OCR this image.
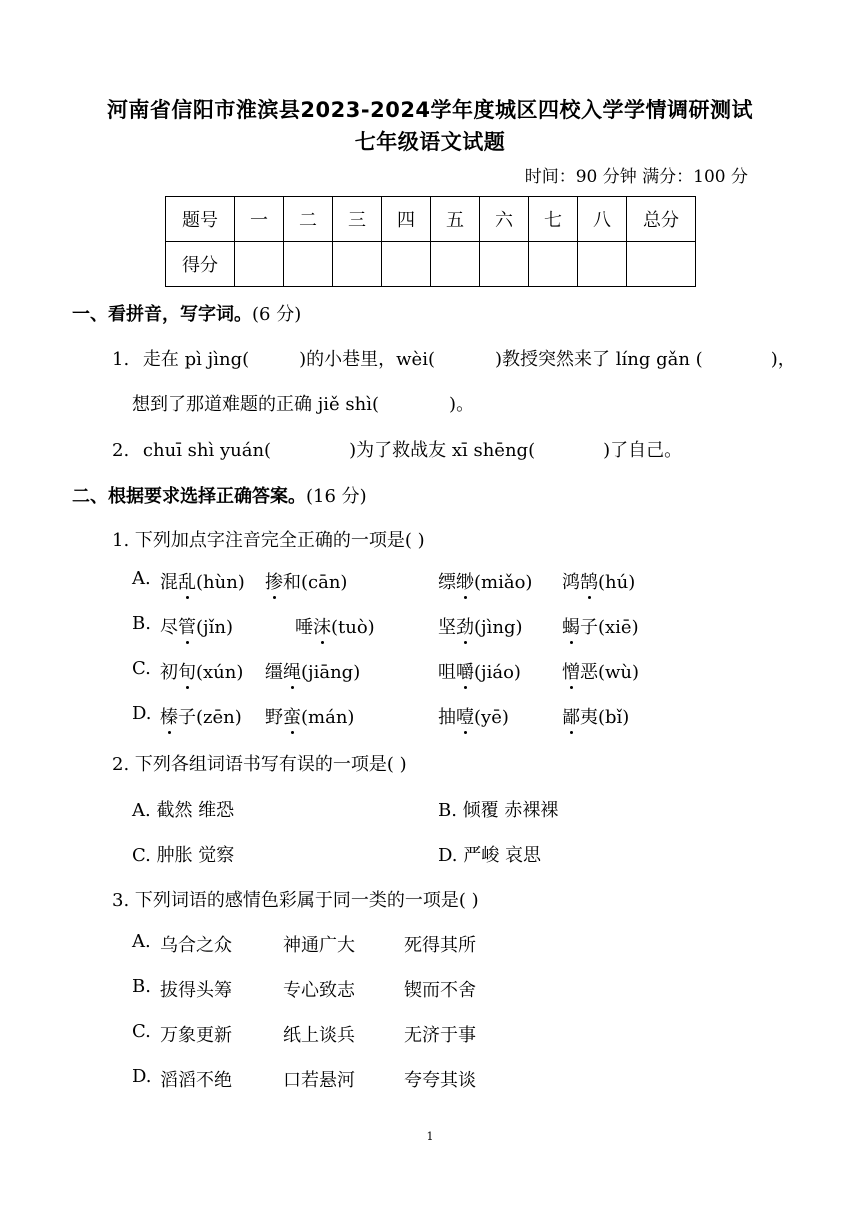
河南省信阳市淮滨县2023-2024学年度城区四校入学学情调研测试
七年级语文试题
时间：90 分钟 满分：100 分
题号	一	二	三	四	五	六	七	八	总分
得分									
一、看拼音，写字词。(6 分)
1. 走在 pì jìng(	)的小巷里，wèi(	)教授突然来了 líng gǎn (	)，
想到了那道难题的正确 jiě shì(	)。
2. chuī shì yuán(	)为了救战友 xī shēng(	)了自己。
二、根据要求选择正确答案。(16 分)
1. 下列加点字注音完全正确的一项是( )
A. 混乱(hùn) 掺和(cān)	缥缈(miǎo) 鸿鹄(hú)
B. 尽管(jǐn)	唾沫(tuò)	坚劲(jìng) 蝎子(xiē)
C. 初旬(xún) 缰绳(jiāng)	咀嚼(jiáo) 憎恶(wù)
D. 榛子(zēn) 野蛮(mán)	抽噎(yē)	鄙夷(bǐ)
2. 下列各组词语书写有误的一项是( )
A. 截然 维恐	B. 倾覆 赤裸裸
C. 肿胀 觉察	D. 严峻 哀思
3. 下列词语的感情色彩属于同一类的一项是( )
A. 乌合之众	神通广大	死得其所
B. 拔得头筹	专心致志	锲而不舍
C. 万象更新	纸上谈兵	无济于事
D. 滔滔不绝	口若悬河	夸夸其谈
1
